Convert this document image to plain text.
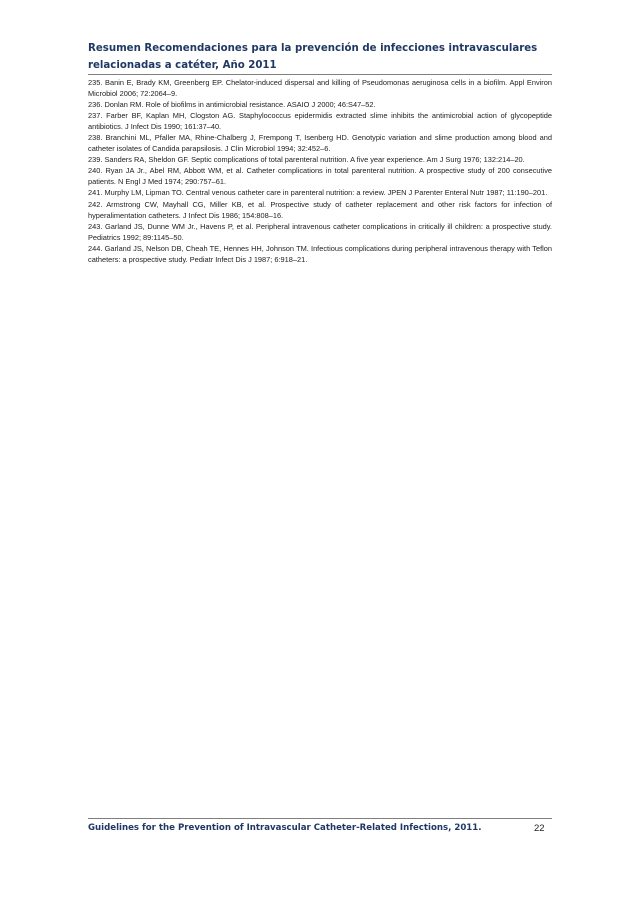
Resumen Recomendaciones para la prevención de infecciones intravasculares relacionadas a catéter, Año 2011

235. Banin E, Brady KM, Greenberg EP. Chelator-induced dispersal and killing of Pseudomonas aeruginosa cells in a biofilm. Appl Environ Microbiol 2006; 72:2064–9.

236. Donlan RM. Role of biofilms in antimicrobial resistance. ASAIO J 2000; 46:S47–52.

237. Farber BF, Kaplan MH, Clogston AG. Staphylococcus epidermidis extracted slime inhibits the antimicrobial action of glycopeptide antibiotics. J Infect Dis 1990; 161:37–40.

238. Branchini ML, Pfaller MA, Rhine-Chalberg J, Frempong T, Isenberg HD. Genotypic variation and slime production among blood and catheter isolates of Candida parapsilosis. J Clin Microbiol 1994; 32:452–6.

239. Sanders RA, Sheldon GF. Septic complications of total parenteral nutrition. A five year experience. Am J Surg 1976; 132:214–20.

240. Ryan JA Jr., Abel RM, Abbott WM, et al. Catheter complications in total parenteral nutrition. A prospective study of 200 consecutive patients. N Engl J Med 1974; 290:757–61.

241. Murphy LM, Lipman TO. Central venous catheter care in parenteral nutrition: a review. JPEN J Parenter Enteral Nutr 1987; 11:190–201.

242. Armstrong CW, Mayhall CG, Miller KB, et al. Prospective study of catheter replacement and other risk factors for infection of hyperalimentation catheters. J Infect Dis 1986; 154:808–16.

243. Garland JS, Dunne WM Jr., Havens P, et al. Peripheral intravenous catheter complications in critically ill children: a prospective study. Pediatrics 1992; 89:1145–50.

244. Garland JS, Nelson DB, Cheah TE, Hennes HH, Johnson TM. Infectious complications during peripheral intravenous therapy with Teflon catheters: a prospective study. Pediatr Infect Dis J 1987; 6:918–21.

Guidelines for the Prevention of Intravascular Catheter-Related Infections, 2011.	22
